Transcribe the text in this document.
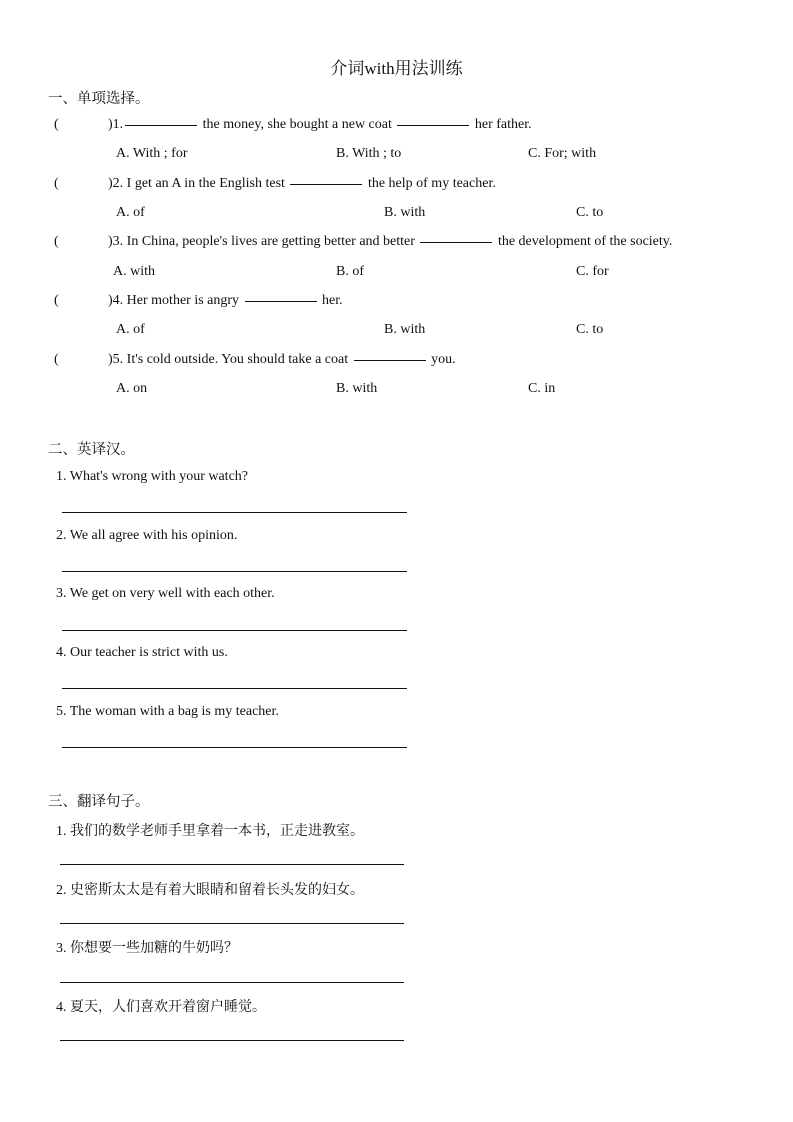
介词with用法训练
一、单项选择。
(	)1.	the money, she bought a new coat	her father.
A. With ; for	B. With ; to	C. For; with
(	)2. I get an A in the English test	the help of my teacher.
A. of	B. with	C. to
(	)3. In China, people's lives are getting better and better	the development of the society.
A. with	B. of	C. for
(	)4. Her mother is angry	her.
A. of	B. with	C. to
(	)5. It's cold outside. You should take a coat	you.
A. on	B. with	C. in
二、英译汉。
1. What's wrong with your watch?
2. We all agree with his opinion.
3. We get on very well with each other.
4. Our teacher is strict with us.
5. The woman with a bag is my teacher.
三、翻译句子。
1. 我们的数学老师手里拿着一本书，正走进教室。
2. 史密斯太太是有着大眼睛和留着长头发的妇女。
3. 你想要一些加糖的牛奶吗？
4. 夏天，人们喜欢开着窗户睡觉。
